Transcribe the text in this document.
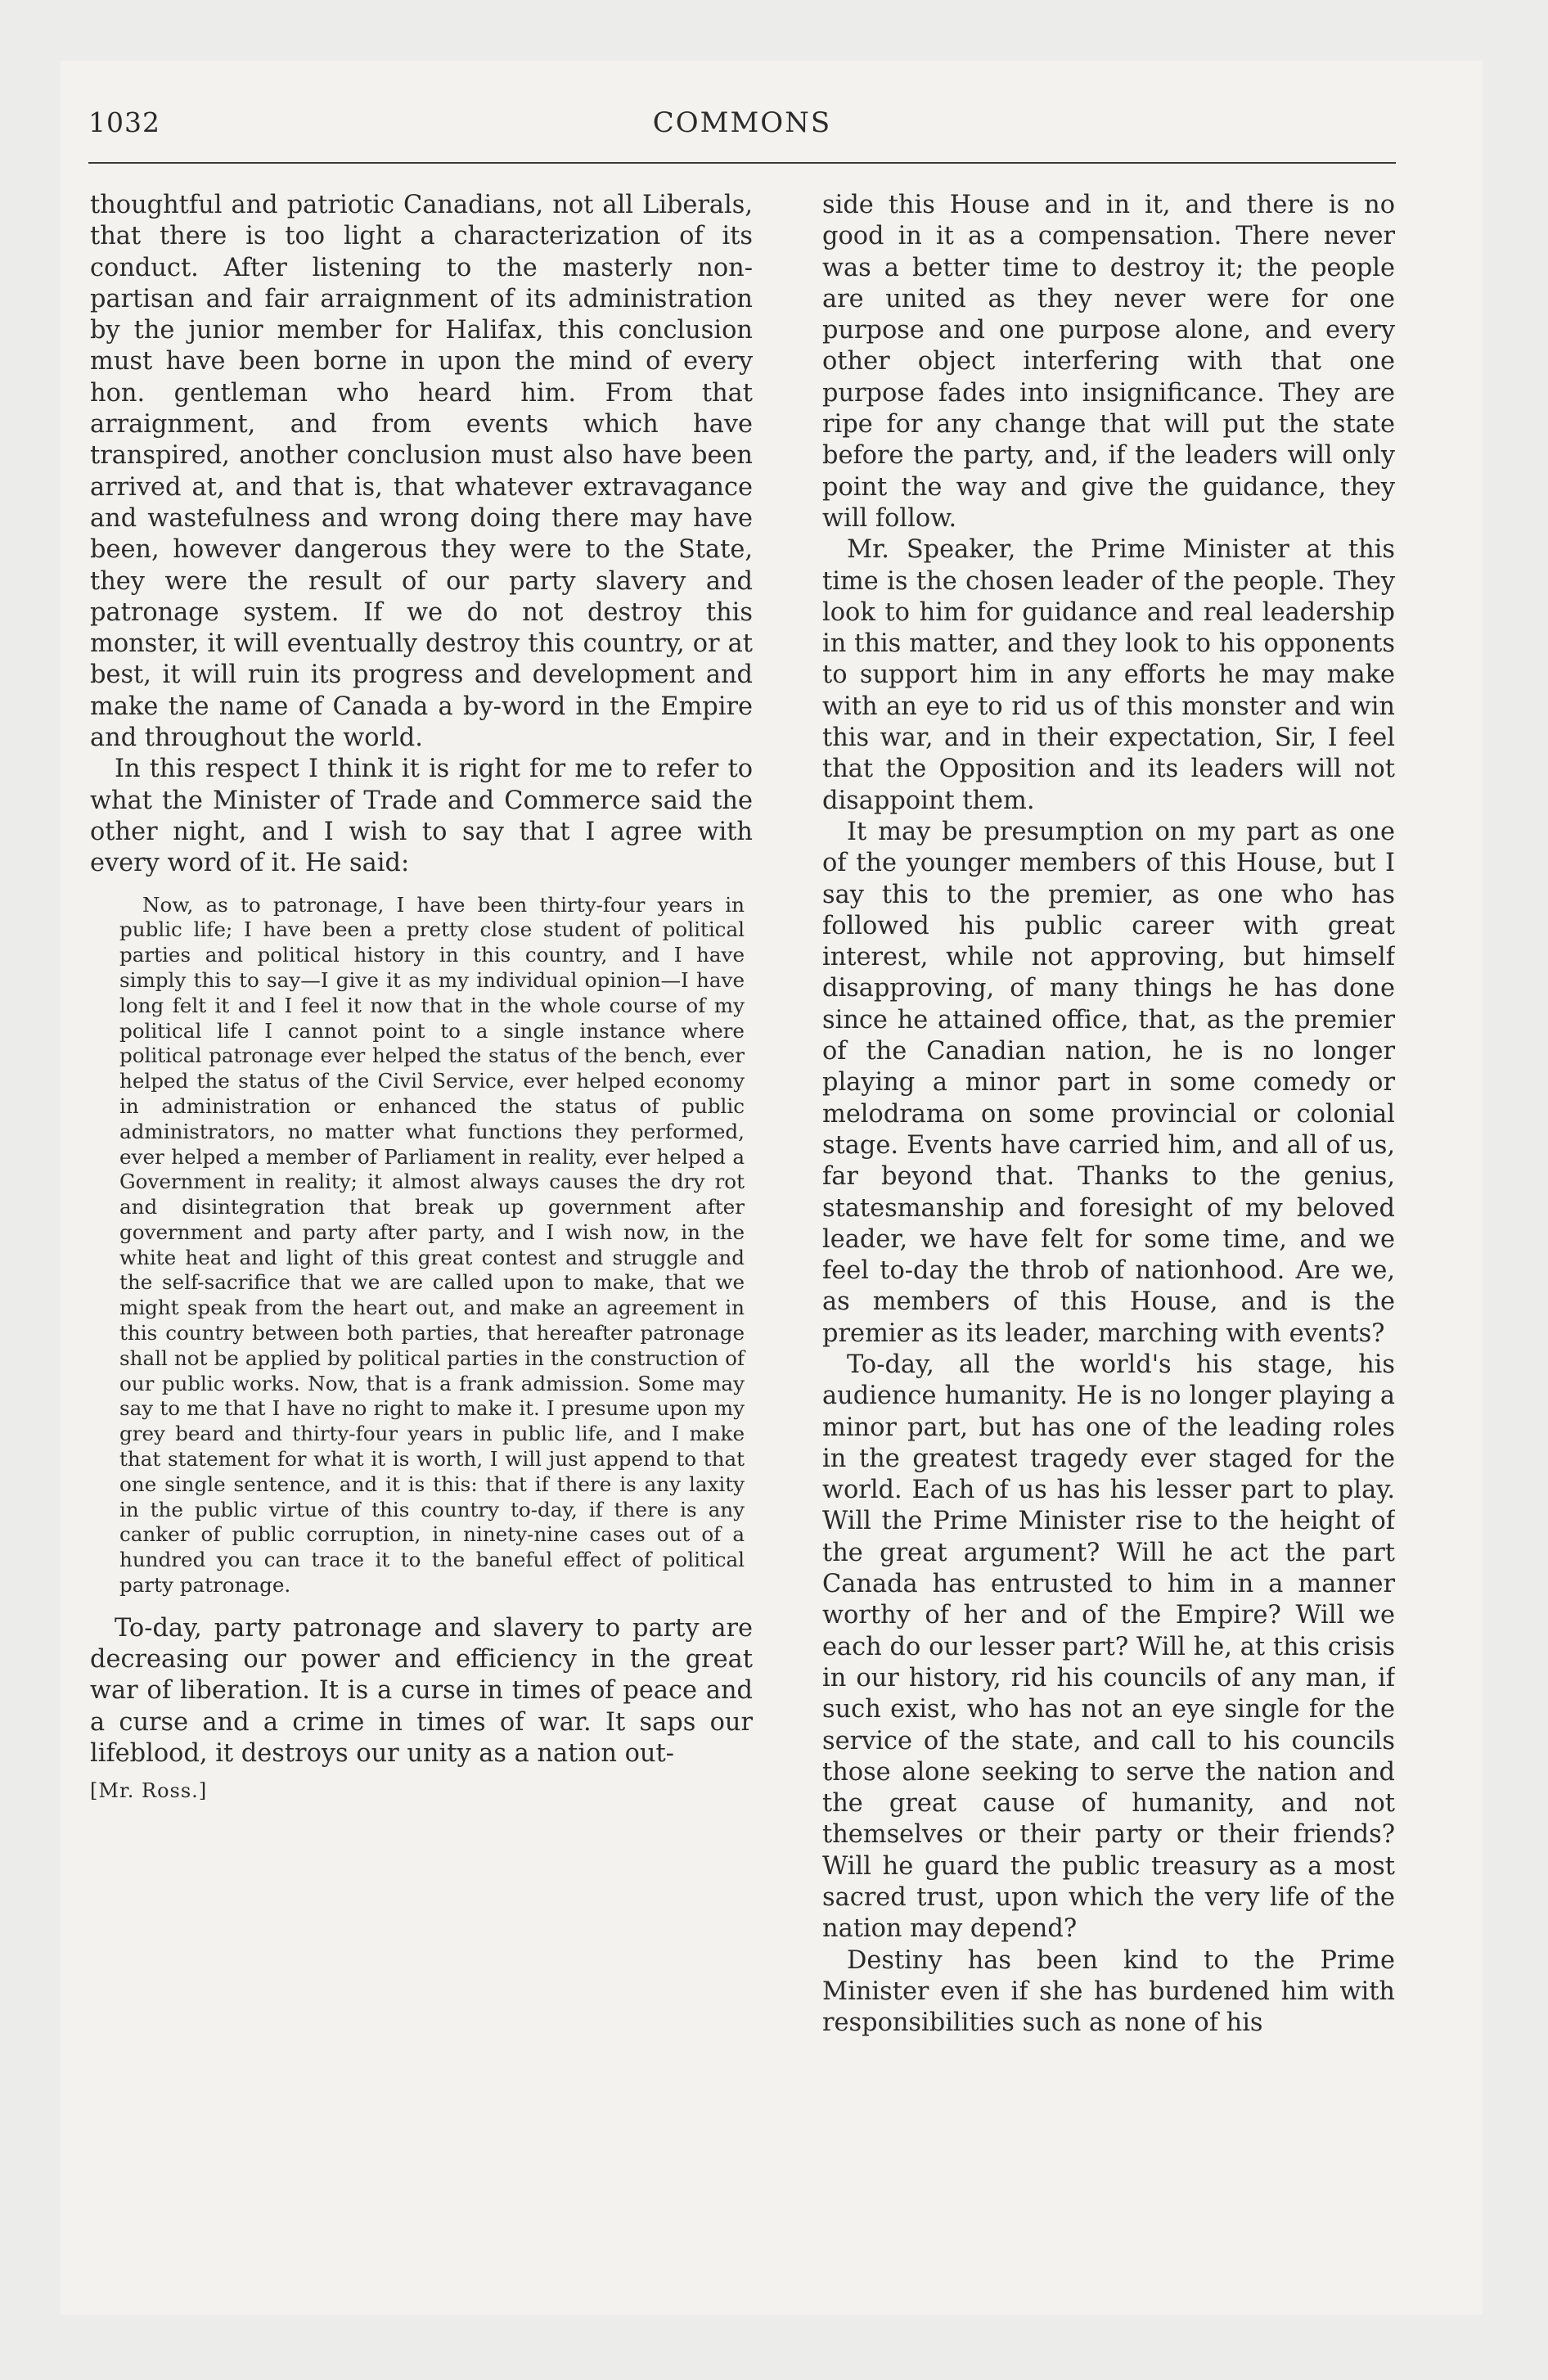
1032	COMMONS

thoughtful and patriotic Canadians, not all Liberals, that there is too light a characterization of its conduct. After listening to the masterly non-partisan and fair arraignment of its administration by the junior member for Halifax, this conclusion must have been borne in upon the mind of every hon. gentleman who heard him. From that arraignment, and from events which have transpired, another conclusion must also have been arrived at, and that is, that whatever extravagance and wastefulness and wrong doing there may have been, however dangerous they were to the State, they were the result of our party slavery and patronage system. If we do not destroy this monster, it will eventually destroy this country, or at best, it will ruin its progress and development and make the name of Canada a by-word in the Empire and throughout the world.

In this respect I think it is right for me to refer to what the Minister of Trade and Commerce said the other night, and I wish to say that I agree with every word of it. He said:

Now, as to patronage, I have been thirty-four years in public life; I have been a pretty close student of political parties and political history in this country, and I have simply this to say—I give it as my individual opinion—I have long felt it and I feel it now that in the whole course of my political life I cannot point to a single instance where political patronage ever helped the status of the bench, ever helped the status of the Civil Service, ever helped economy in administration or enhanced the status of public administrators, no matter what functions they performed, ever helped a member of Parliament in reality, ever helped a Government in reality; it almost always causes the dry rot and disintegration that break up government after government and party after party, and I wish now, in the white heat and light of this great contest and struggle and the self-sacrifice that we are called upon to make, that we might speak from the heart out, and make an agreement in this country between both parties, that hereafter patronage shall not be applied by political parties in the construction of our public works. Now, that is a frank admission. Some may say to me that I have no right to make it. I presume upon my grey beard and thirty-four years in public life, and I make that statement for what it is worth, I will just append to that one single sentence, and it is this: that if there is any laxity in the public virtue of this country to-day, if there is any canker of public corruption, in ninety-nine cases out of a hundred you can trace it to the baneful effect of political party patronage.

To-day, party patronage and slavery to party are decreasing our power and efficiency in the great war of liberation. It is a curse in times of peace and a curse and a crime in times of war. It saps our lifeblood, it destroys our unity as a nation out-

[Mr. Ross.]

side this House and in it, and there is no good in it as a compensation. There never was a better time to destroy it; the people are united as they never were for one purpose and one purpose alone, and every other object interfering with that one purpose fades into insignificance. They are ripe for any change that will put the state before the party, and, if the leaders will only point the way and give the guidance, they will follow.

Mr. Speaker, the Prime Minister at this time is the chosen leader of the people. They look to him for guidance and real leadership in this matter, and they look to his opponents to support him in any efforts he may make with an eye to rid us of this monster and win this war, and in their expectation, Sir, I feel that the Opposition and its leaders will not disappoint them.

It may be presumption on my part as one of the younger members of this House, but I say this to the premier, as one who has followed his public career with great interest, while not approving, but himself disapproving, of many things he has done since he attained office, that, as the premier of the Canadian nation, he is no longer playing a minor part in some comedy or melodrama on some provincial or colonial stage. Events have carried him, and all of us, far beyond that. Thanks to the genius, statesmanship and foresight of my beloved leader, we have felt for some time, and we feel to-day the throb of nationhood. Are we, as members of this House, and is the premier as its leader, marching with events?

To-day, all the world's his stage, his audience humanity. He is no longer playing a minor part, but has one of the leading roles in the greatest tragedy ever staged for the world. Each of us has his lesser part to play. Will the Prime Minister rise to the height of the great argument? Will he act the part Canada has entrusted to him in a manner worthy of her and of the Empire? Will we each do our lesser part? Will he, at this crisis in our history, rid his councils of any man, if such exist, who has not an eye single for the service of the state, and call to his councils those alone seeking to serve the nation and the great cause of humanity, and not themselves or their party or their friends? Will he guard the public treasury as a most sacred trust, upon which the very life of the nation may depend?

Destiny has been kind to the Prime Minister even if she has burdened him with responsibilities such as none of his
